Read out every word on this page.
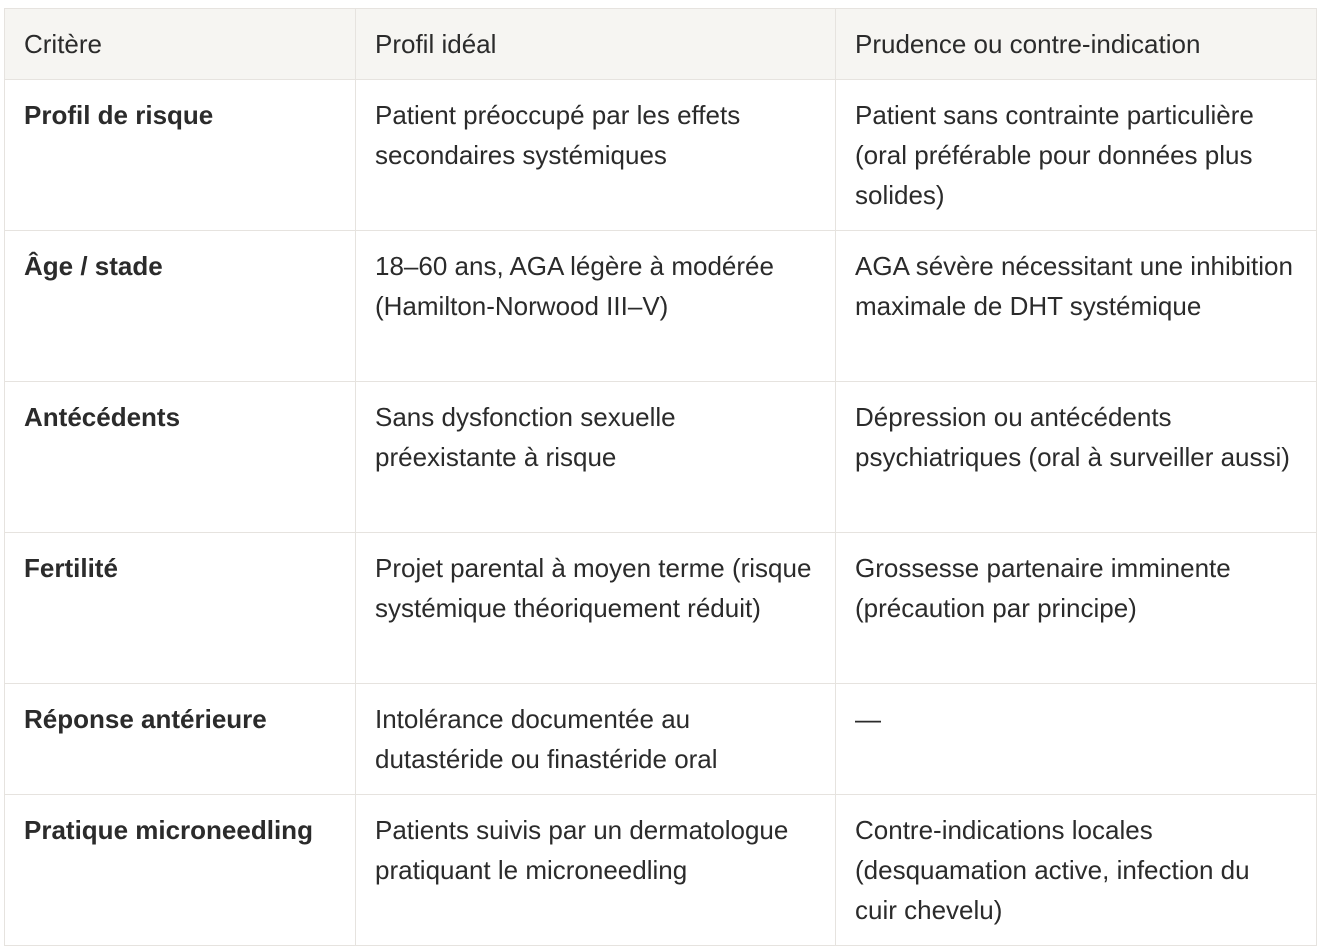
Critère	Profil idéal	Prudence ou contre-indication
Profil de risque	Patient préoccupé par les effets secondaires systémiques	Patient sans contrainte particulière (oral préférable pour données plus solides)
Âge / stade	18–60 ans, AGA légère à modérée (Hamilton-Norwood III–V)	AGA sévère nécessitant une inhibition maximale de DHT systémique
Antécédents	Sans dysfonction sexuelle préexistante à risque	Dépression ou antécédents psychiatriques (oral à surveiller aussi)
Fertilité	Projet parental à moyen terme (risque systémique théoriquement réduit)	Grossesse partenaire imminente (précaution par principe)
Réponse antérieure	Intolérance documentée au dutastéride ou finastéride oral	—
Pratique microneedling	Patients suivis par un dermatologue pratiquant le microneedling	Contre-indications locales (desquamation active, infection du cuir chevelu)
